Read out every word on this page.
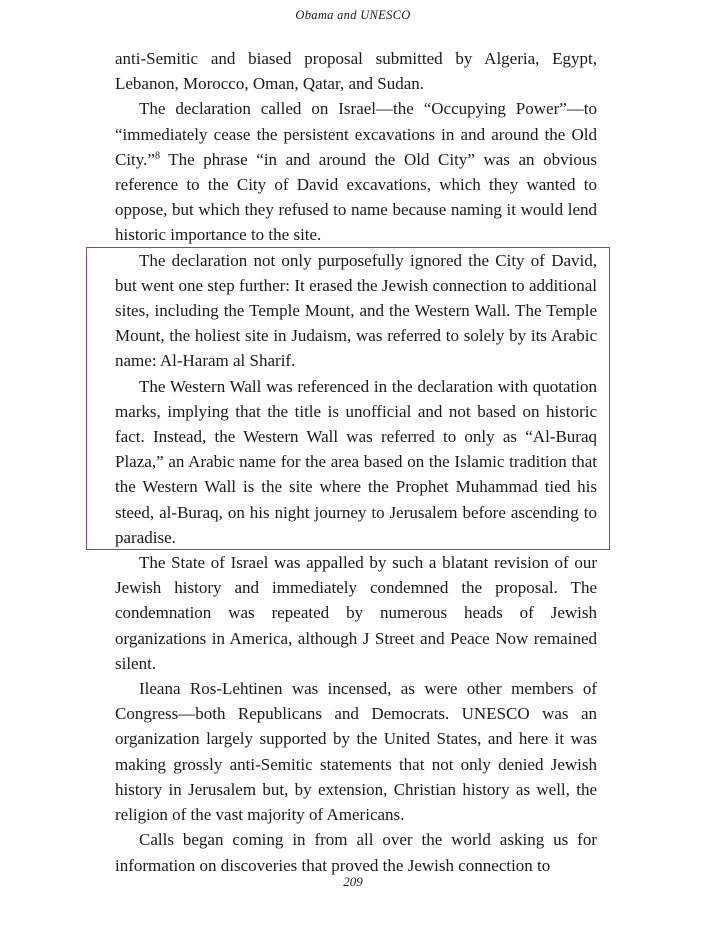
Obama and UNESCO

anti-Semitic and biased proposal submitted by Algeria, Egypt, Lebanon, Morocco, Oman, Qatar, and Sudan.

The declaration called on Israel—the “Occupying Power”—to “immediately cease the persistent excavations in and around the Old City.”$^8$ The phrase “in and around the Old City” was an obvious reference to the City of David excavations, which they wanted to oppose, but which they refused to name because naming it would lend historic importance to the site.

The declaration not only purposefully ignored the City of David, but went one step further: It erased the Jewish connection to additional sites, including the Temple Mount, and the Western Wall. The Temple Mount, the holiest site in Judaism, was referred to solely by its Arabic name: Al-Haram al Sharif.

The Western Wall was referenced in the declaration with quotation marks, implying that the title is unofficial and not based on historic fact. Instead, the Western Wall was referred to only as “Al-Buraq Plaza,” an Arabic name for the area based on the Islamic tradition that the Western Wall is the site where the Prophet Muhammad tied his steed, al-Buraq, on his night journey to Jerusalem before ascending to paradise.

The State of Israel was appalled by such a blatant revision of our Jewish history and immediately condemned the proposal. The condemnation was repeated by numerous heads of Jewish organizations in America, although J Street and Peace Now remained silent.

Ileana Ros-Lehtinen was incensed, as were other members of Congress—both Republicans and Democrats. UNESCO was an organization largely supported by the United States, and here it was making grossly anti-Semitic statements that not only denied Jewish history in Jerusalem but, by extension, Christian history as well, the religion of the vast majority of Americans.

Calls began coming in from all over the world asking us for information on discoveries that proved the Jewish connection to

209
